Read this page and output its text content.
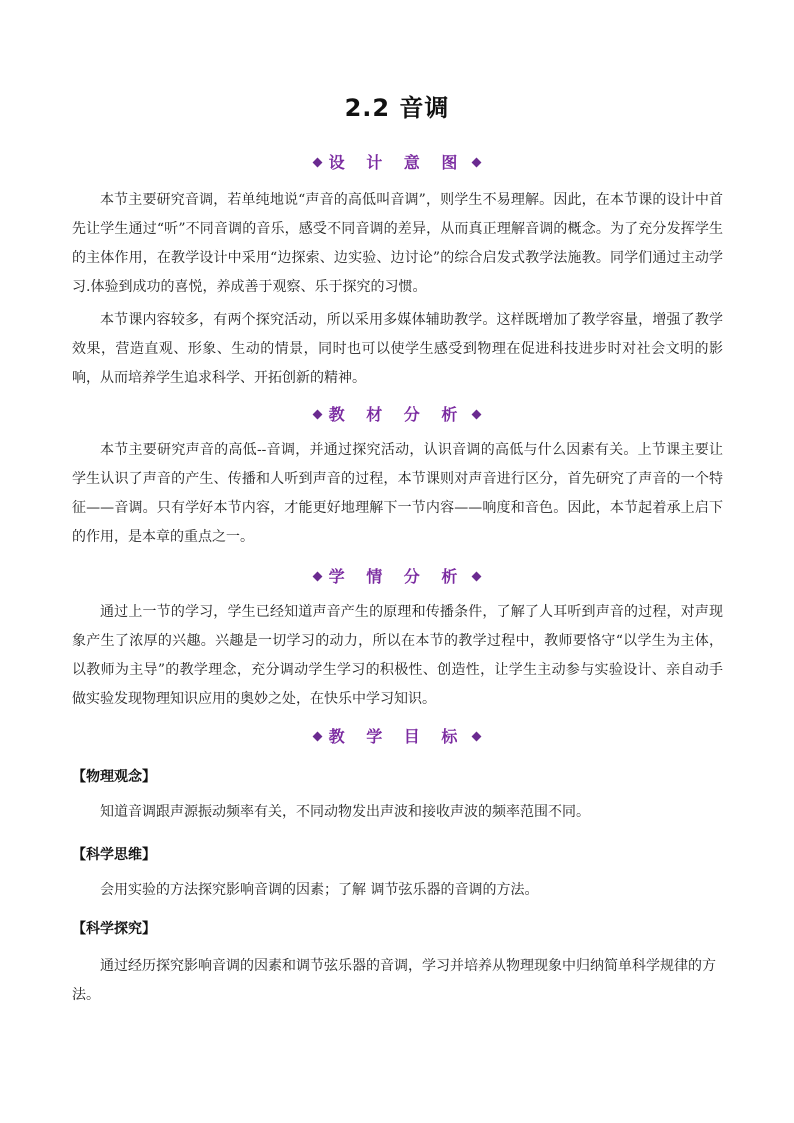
2.2 音调
设 计 意 图

本节主要研究音调，若单纯地说“声音的高低叫音调”，则学生不易理解。因此，在本节课的设计中首先让学生通过“听”不同音调的音乐，感受不同音调的差异，从而真正理解音调的概念。为了充分发挥学生的主体作用，在教学设计中采用“边探索、边实验、边讨论”的综合启发式教学法施教。同学们通过主动学习.体验到成功的喜悦，养成善于观察、乐于探究的习惯。

本节课内容较多，有两个探究活动，所以采用多媒体辅助教学。这样既增加了教学容量，增强了教学效果，营造直观、形象、生动的情景，同时也可以使学生感受到物理在促进科技进步时对社会文明的影响，从而培养学生追求科学、开拓创新的精神。

教 材 分 析

本节主要研究声音的高低--音调，并通过探究活动，认识音调的高低与什么因素有关。上节课主要让学生认识了声音的产生、传播和人听到声音的过程，本节课则对声音进行区分，首先研究了声音的一个特征——音调。只有学好本节内容，才能更好地理解下一节内容——响度和音色。因此，本节起着承上启下的作用，是本章的重点之一。

学 情 分 析

通过上一节的学习，学生已经知道声音产生的原理和传播条件，了解了人耳听到声音的过程，对声现象产生了浓厚的兴趣。兴趣是一切学习的动力，所以在本节的教学过程中，教师要恪守“以学生为主体，以教师为主导”的教学理念，充分调动学生学习的积极性、创造性，让学生主动参与实验设计、亲自动手做实验发现物理知识应用的奥妙之处，在快乐中学习知识。

教 学 目 标
【物理观念】
知道音调跟声源振动频率有关，不同动物发出声波和接收声波的频率范围不同。
【科学思维】
会用实验的方法探究影响音调的因素；了解 调节弦乐器的音调的方法。
【科学探究】
通过经历探究影响音调的因素和调节弦乐器的音调，学习并培养从物理现象中归纳简单科学规律的方法。
